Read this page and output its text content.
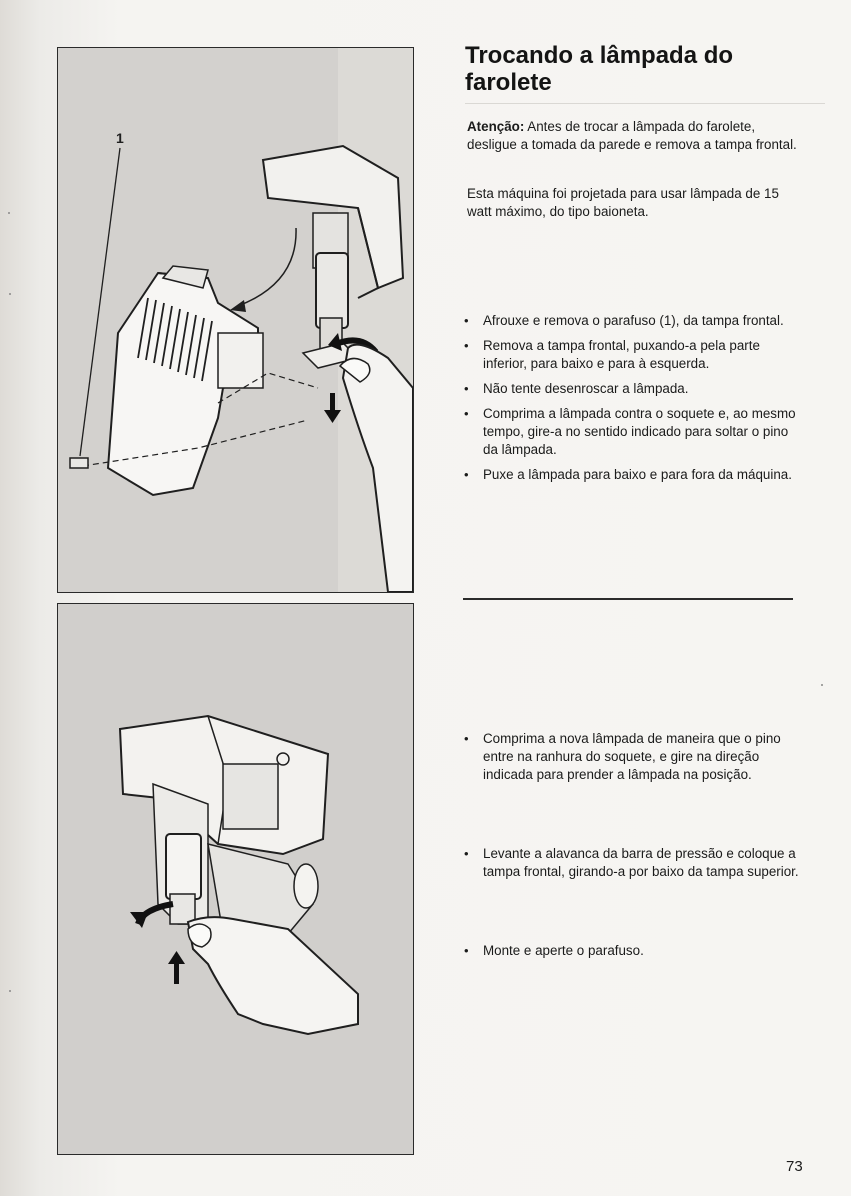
1
Trocando a lâmpada do farolete

Atenção: Antes de trocar a lâmpada do farolete, desligue a tomada da parede e remova a tampa frontal.

Esta máquina foi projetada para usar lâmpada de 15 watt máximo, do tipo baioneta.

• Afrouxe e remova o parafuso (1), da tampa frontal.
• Remova a tampa frontal, puxando-a pela parte inferior, para baixo e para à esquerda.
• Não tente desenroscar a lâmpada.
• Comprima a lâmpada contra o soquete e, ao mesmo tempo, gire-a no sentido indicado para soltar o pino da lâmpada.
• Puxe a lâmpada para baixo e para fora da máquina.
• Comprima a nova lâmpada de maneira que o pino entre na ranhura do soquete, e gire na direção indicada para prender a lâmpada na posição.
• Levante a alavanca da barra de pressão e coloque a tampa frontal, girando-a por baixo da tampa superior.
• Monte e aperte o parafuso.
73
